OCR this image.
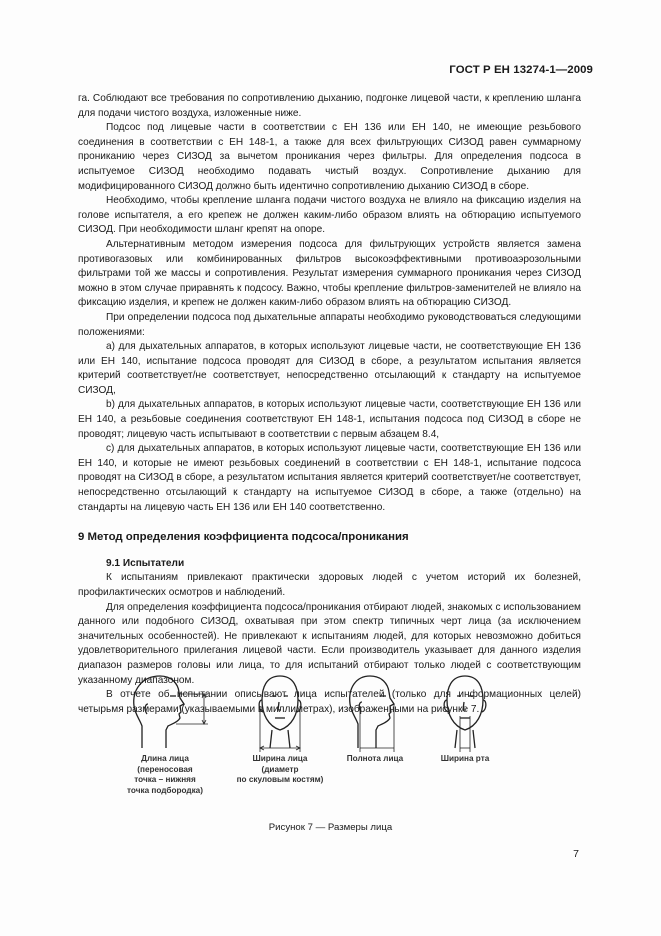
ГОСТ Р ЕН 13274-1—2009

га. Соблюдают все требования по сопротивлению дыханию, подгонке лицевой части, к креплению шланга для подачи чистого воздуха, изложенные ниже.

Подсос под лицевые части в соответствии с ЕН 136 или ЕН 140, не имеющие резьбового соединения в соответствии с ЕН 148-1, а также для всех фильтрующих СИЗОД равен суммарному прониканию через СИЗОД за вычетом проникания через фильтры. Для определения подсоса в испытуемое СИЗОД необходимо подавать чистый воздух. Сопротивление дыханию для модифицированного СИЗОД должно быть идентично сопротивлению дыханию СИЗОД в сборе.

Необходимо, чтобы крепление шланга подачи чистого воздуха не влияло на фиксацию изделия на голове испытателя, а его крепеж не должен каким-либо образом влиять на обтюрацию испытуемого СИЗОД. При необходимости шланг крепят на опоре.

Альтернативным методом измерения подсоса для фильтрующих устройств является замена противогазовых или комбинированных фильтров высокоэффективными противоаэрозольными фильтрами той же массы и сопротивления. Результат измерения суммарного проникания через СИЗОД можно в этом случае приравнять к подсосу. Важно, чтобы крепление фильтров-заменителей не влияло на фиксацию изделия, и крепеж не должен каким-либо образом влиять на обтюрацию СИЗОД.

При определении подсоса под дыхательные аппараты необходимо руководствоваться следующими положениями:

а) для дыхательных аппаратов, в которых используют лицевые части, не соответствующие ЕН 136 или ЕН 140, испытание подсоса проводят для СИЗОД в сборе, а результатом испытания является критерий соответствует/не соответствует, непосредственно отсылающий к стандарту на испытуемое СИЗОД,

b) для дыхательных аппаратов, в которых используют лицевые части, соответствующие ЕН 136 или ЕН 140, а резьбовые соединения соответствуют ЕН 148-1, испытания подсоса под СИЗОД в сборе не проводят; лицевую часть испытывают в соответствии с первым абзацем 8.4,

с) для дыхательных аппаратов, в которых используют лицевые части, соответствующие ЕН 136 или ЕН 140, и которые не имеют резьбовых соединений в соответствии с ЕН 148-1, испытание подсоса проводят на СИЗОД в сборе, а результатом испытания является критерий соответствует/не соответствует, непосредственно отсылающий к стандарту на испытуемое СИЗОД в сборе, а также (отдельно) на стандарты на лицевую часть ЕН 136 или ЕН 140 соответственно.

9 Метод определения коэффициента подсоса/проникания
9.1 Испытатели

К испытаниям привлекают практически здоровых людей с учетом историй их болезней, профилактических осмотров и наблюдений.

Для определения коэффициента подсоса/проникания отбирают людей, знакомых с использованием данного или подобного СИЗОД, охватывая при этом спектр типичных черт лица (за исключением значительных особенностей). Не привлекают к испытаниям людей, для которых невозможно добиться удовлетворительного прилегания лицевой части. Если производитель указывает для данного изделия диапазон размеров головы или лица, то для испытаний отбирают только людей с соответствующим указанному диапазоном.

В отчете об испытании описывают лица испытателей (только для информационных целей) четырьмя размерами (указываемыми в миллиметрах), изображенными на рисунке 7.

Длина лица
(переносовая
точка – нижняя
точка подбородка)
Ширина лица
(диаметр
по скуловым костям)
Полнота лица	Ширина рта
Рисунок 7 — Размеры лица
7
